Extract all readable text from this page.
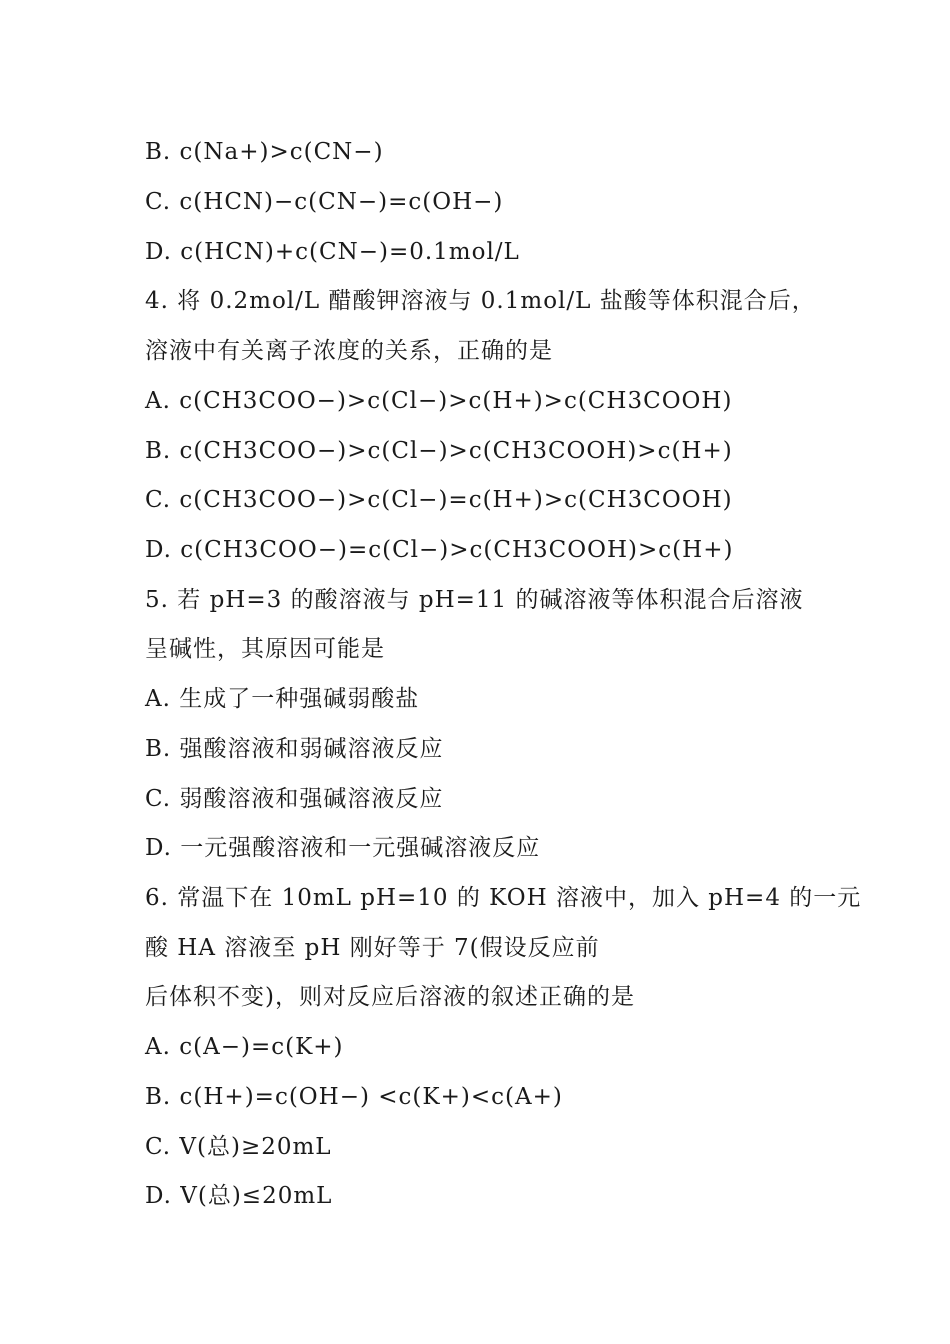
B. c(Na+)>c(CN−)
C. c(HCN)−c(CN−)=c(OH−)
D. c(HCN)+c(CN−)=0.1mol/L
4. 将 0.2mol/L 醋酸钾溶液与 0.1mol/L 盐酸等体积混合后，
溶液中有关离子浓度的关系，正确的是
A. c(CH3COO−)>c(Cl−)>c(H+)>c(CH3COOH)
B. c(CH3COO−)>c(Cl−)>c(CH3COOH)>c(H+)
C. c(CH3COO−)>c(Cl−)=c(H+)>c(CH3COOH)
D. c(CH3COO−)=c(Cl−)>c(CH3COOH)>c(H+)
5. 若 pH=3 的酸溶液与 pH=11 的碱溶液等体积混合后溶液
呈碱性，其原因可能是
A. 生成了一种强碱弱酸盐
B. 强酸溶液和弱碱溶液反应
C. 弱酸溶液和强碱溶液反应
D. 一元强酸溶液和一元强碱溶液反应
6. 常温下在 10mL pH=10 的 KOH 溶液中，加入 pH=4 的一元
酸 HA 溶液至 pH 刚好等于 7(假设反应前
后体积不变)，则对反应后溶液的叙述正确的是
A. c(A−)=c(K+)
B. c(H+)=c(OH−) <c(K+)<c(A+)
C. V(总)≥20mL
D. V(总)≤20mL
